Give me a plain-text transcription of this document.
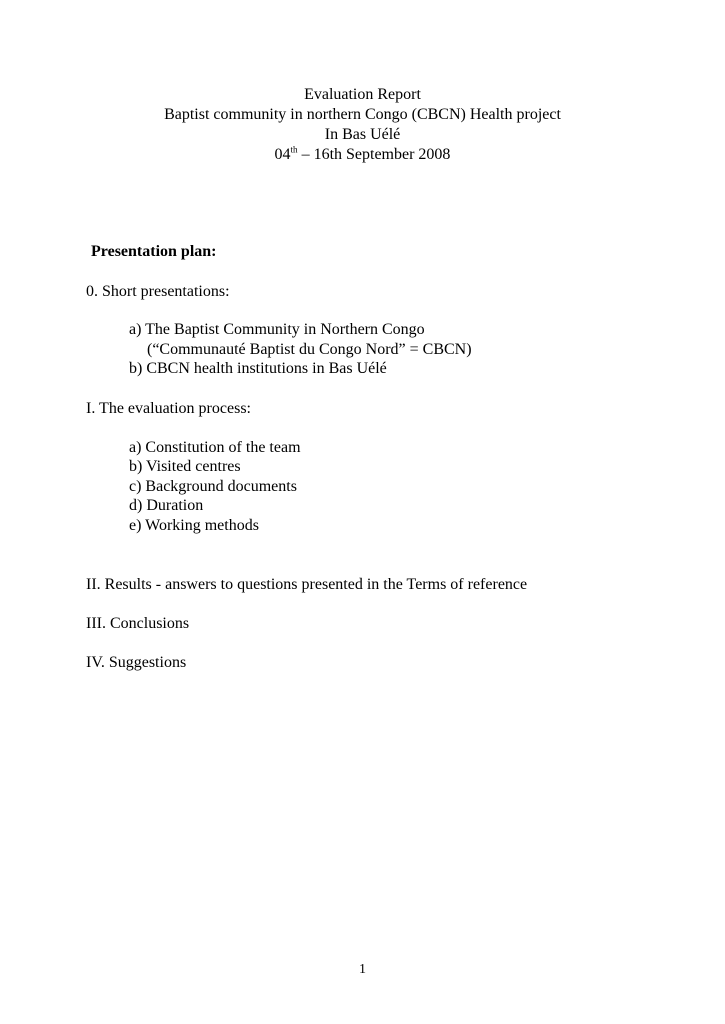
Evaluation Report
Baptist community in northern Congo (CBCN) Health project
In Bas Uélé
04th – 16th September 2008
Presentation plan:
0. Short presentations:
a) The Baptist Community in Northern Congo
(“Communauté Baptist du Congo Nord” = CBCN)
b) CBCN health institutions in Bas Uélé
I. The evaluation process:
a) Constitution of the team
b) Visited centres
c) Background documents
d) Duration
e) Working methods
II. Results - answers to questions presented in the Terms of reference
III. Conclusions
IV. Suggestions
1
